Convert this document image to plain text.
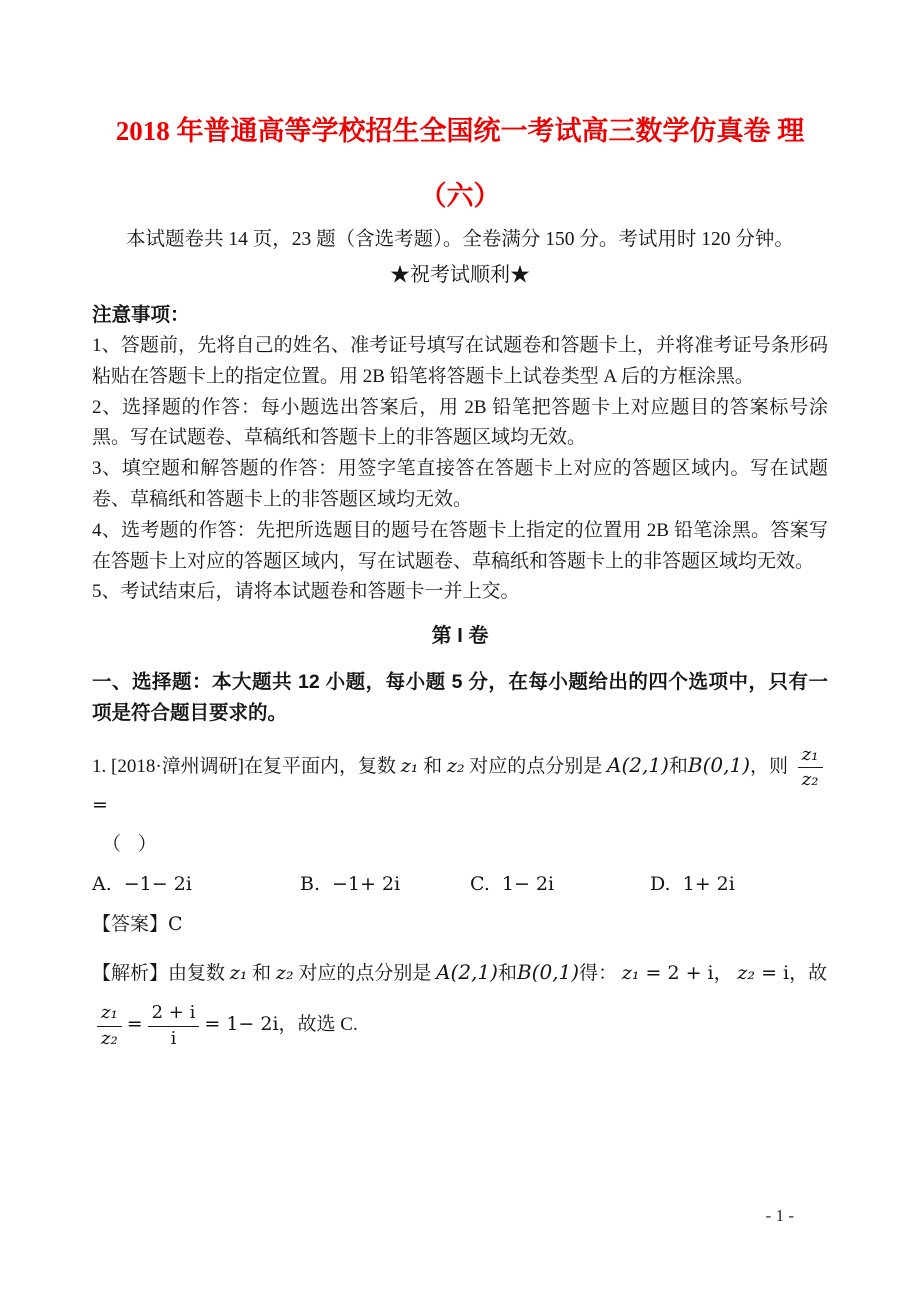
2018 年普通高等学校招生全国统一考试高三数学仿真卷 理
（六）
本试题卷共 14 页，23 题（含选考题）。全卷满分 150 分。考试用时 120 分钟。
★祝考试顺利★
注意事项：

1、答题前，先将自己的姓名、准考证号填写在试题卷和答题卡上，并将准考证号条形码粘贴在答题卡上的指定位置。用 2B 铅笔将答题卡上试卷类型 A 后的方框涂黑。

2、选择题的作答：每小题选出答案后，用 2B 铅笔把答题卡上对应题目的答案标号涂黑。写在试题卷、草稿纸和答题卡上的非答题区域均无效。

3、填空题和解答题的作答：用签字笔直接答在答题卡上对应的答题区域内。写在试题卷、草稿纸和答题卡上的非答题区域均无效。

4、选考题的作答：先把所选题目的题号在答题卡上指定的位置用 2B 铅笔涂黑。答案写在答题卡上对应的答题区域内，写在试题卷、草稿纸和答题卡上的非答题区域均无效。

5、考试结束后，请将本试题卷和答题卡一并上交。

第 I 卷

一、选择题：本大题共 12 小题，每小题 5 分，在每小题给出的四个选项中，只有一项是符合题目要求的。

1. [2018·漳州调研]在复平面内，复数 z₁ 和 z₂ 对应的点分别是 A(2,1)和B(0,1)，则 $\frac{\text{z₁}}{\text{z₂}}$
=

（ ）

A. −1− 2i	B. −1+ 2i	C. 1− 2i	D. 1+ 2i

【答案】C

【解析】由复数 z₁ 和 z₂ 对应的点分别是 A(2,1)和B(0,1)得： z₁ = 2 + i， z₂ = i，故

$\frac{\text{z₁}}{\text{z₂}} = \frac{2 + i}{i} = 1- 2i$，故选 C.

- 1 -
